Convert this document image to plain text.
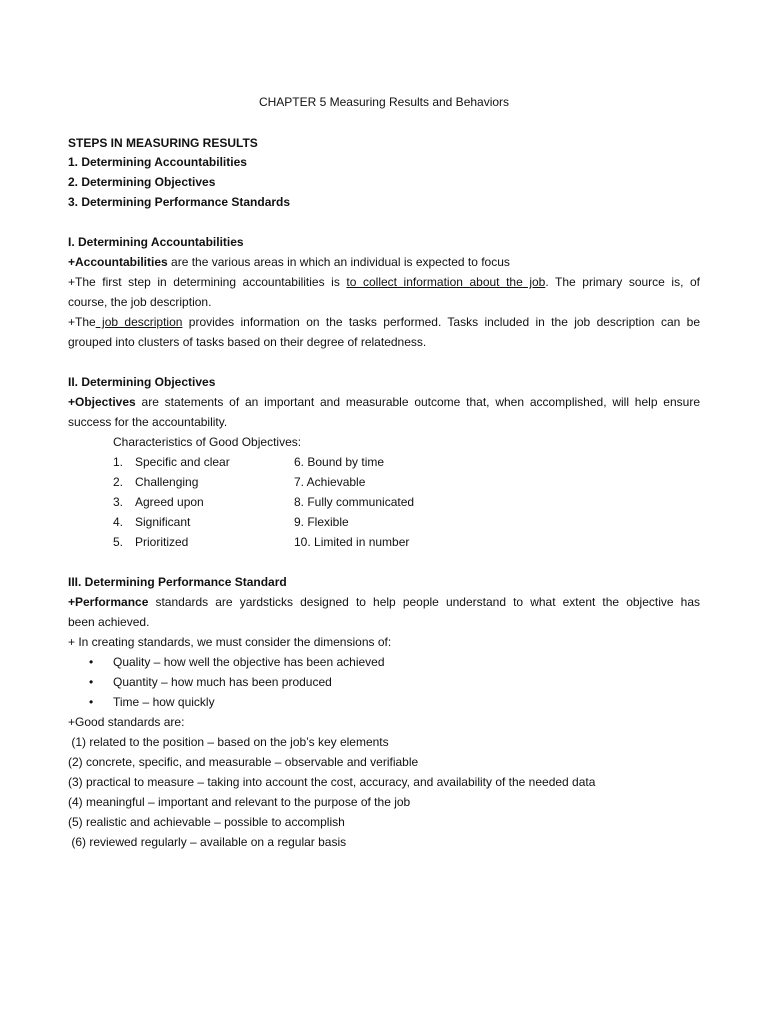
CHAPTER 5 Measuring Results and Behaviors
STEPS IN MEASURING RESULTS
1. Determining Accountabilities
2. Determining Objectives
3. Determining Performance Standards
I. Determining Accountabilities
+Accountabilities are the various areas in which an individual is expected to focus
+The first step in determining accountabilities is to collect information about the job. The primary source is, of
course, the job description.
+The job description provides information on the tasks performed. Tasks included in the job description can be
grouped into clusters of tasks based on their degree of relatedness.
II. Determining Objectives
+Objectives are statements of an important and measurable outcome that, when accomplished, will help ensure
success for the accountability.
Characteristics of Good Objectives:
1. Specific and clear	6. Bound by time
2. Challenging	7. Achievable
3. Agreed upon	8. Fully communicated
4. Significant	9. Flexible
5. Prioritized	10. Limited in number
III. Determining Performance Standard
+Performance standards are yardsticks designed to help people understand to what extent the objective has
been achieved.
+ In creating standards, we must consider the dimensions of:
• Quality – how well the objective has been achieved
• Quantity – how much has been produced
• Time – how quickly
+Good standards are:
(1) related to the position – based on the job’s key elements
(2) concrete, specific, and measurable – observable and verifiable
(3) practical to measure – taking into account the cost, accuracy, and availability of the needed data
(4) meaningful – important and relevant to the purpose of the job
(5) realistic and achievable – possible to accomplish
(6) reviewed regularly – available on a regular basis
